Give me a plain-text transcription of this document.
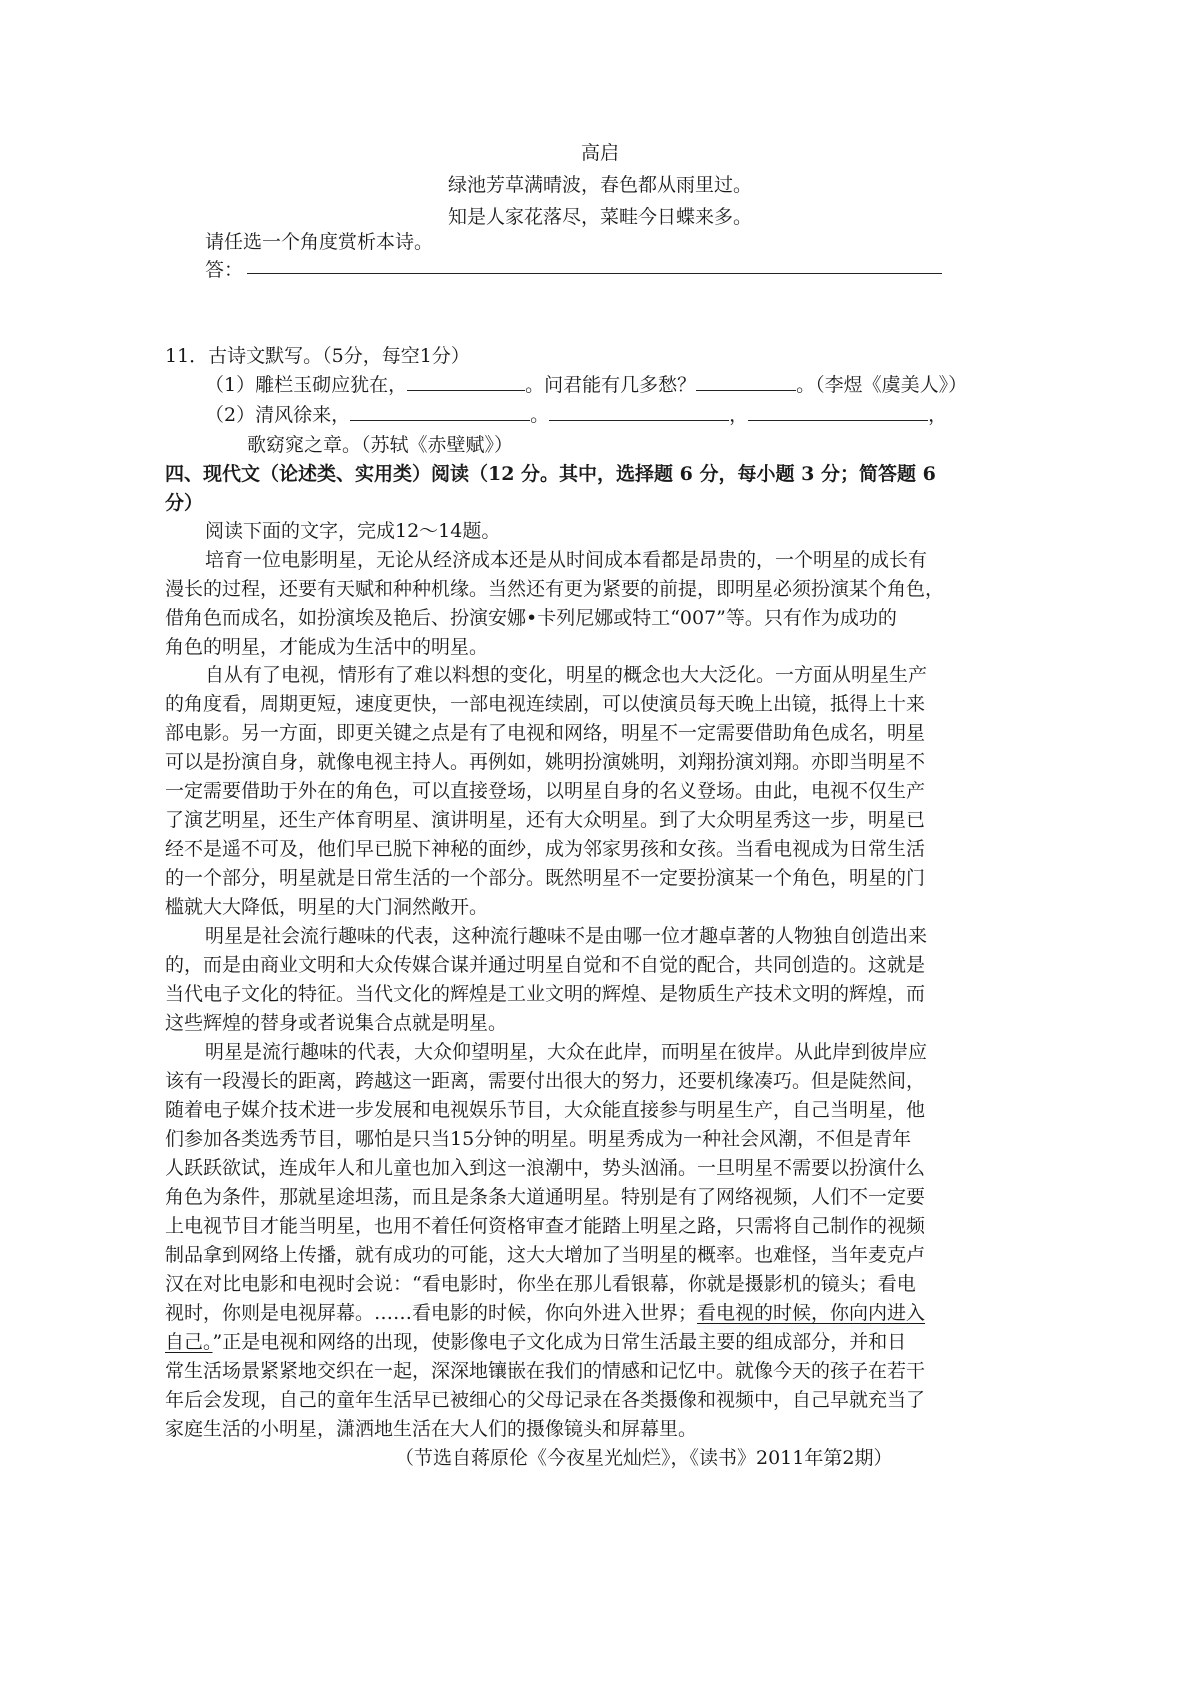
高启
绿池芳草满晴波，春色都从雨里过。
知是人家花落尽，菜畦今日蝶来多。
请任选一个角度赏析本诗。
答：
11．古诗文默写。（5分，每空1分）
（1）雕栏玉砌应犹在，	。问君能有几多愁？	。（李煜《虞美人》）
（2）清风徐来，	。	，	，
歌窈窕之章。（苏轼《赤壁赋》）
四、现代文（论述类、实用类）阅读（12 分。其中，选择题 6 分，每小题 3 分；简答题 6
分）
阅读下面的文字，完成12～14题。
培育一位电影明星，无论从经济成本还是从时间成本看都是昂贵的，一个明星的成长有
漫长的过程，还要有天赋和种种机缘。当然还有更为紧要的前提，即明星必须扮演某个角色，
借角色而成名，如扮演埃及艳后、扮演安娜•卡列尼娜或特工“007”等。只有作为成功的
角色的明星，才能成为生活中的明星。
自从有了电视，情形有了难以料想的变化，明星的概念也大大泛化。一方面从明星生产
的角度看，周期更短，速度更快，一部电视连续剧，可以使演员每天晚上出镜，抵得上十来
部电影。另一方面，即更关键之点是有了电视和网络，明星不一定需要借助角色成名，明星
可以是扮演自身，就像电视主持人。再例如，姚明扮演姚明，刘翔扮演刘翔。亦即当明星不
一定需要借助于外在的角色，可以直接登场，以明星自身的名义登场。由此，电视不仅生产
了演艺明星，还生产体育明星、演讲明星，还有大众明星。到了大众明星秀这一步，明星已
经不是遥不可及，他们早已脱下神秘的面纱，成为邻家男孩和女孩。当看电视成为日常生活
的一个部分，明星就是日常生活的一个部分。既然明星不一定要扮演某一个角色，明星的门
槛就大大降低，明星的大门洞然敞开。
明星是社会流行趣味的代表，这种流行趣味不是由哪一位才趣卓著的人物独自创造出来
的，而是由商业文明和大众传媒合谋并通过明星自觉和不自觉的配合，共同创造的。这就是
当代电子文化的特征。当代文化的辉煌是工业文明的辉煌、是物质生产技术文明的辉煌，而
这些辉煌的替身或者说集合点就是明星。
明星是流行趣味的代表，大众仰望明星，大众在此岸，而明星在彼岸。从此岸到彼岸应
该有一段漫长的距离，跨越这一距离，需要付出很大的努力，还要机缘凑巧。但是陡然间，
随着电子媒介技术进一步发展和电视娱乐节目，大众能直接参与明星生产，自己当明星，他
们参加各类选秀节目，哪怕是只当15分钟的明星。明星秀成为一种社会风潮，不但是青年
人跃跃欲试，连成年人和儿童也加入到这一浪潮中，势头汹涌。一旦明星不需要以扮演什么
角色为条件，那就星途坦荡，而且是条条大道通明星。特别是有了网络视频，人们不一定要
上电视节目才能当明星，也用不着任何资格审查才能踏上明星之路，只需将自己制作的视频
制品拿到网络上传播，就有成功的可能，这大大增加了当明星的概率。也难怪，当年麦克卢
汉在对比电影和电视时会说：“看电影时，你坐在那儿看银幕，你就是摄影机的镜头；看电
视时，你则是电视屏幕。……看电影的时候，你向外进入世界；看电视的时候，你向内进入
自己。”正是电视和网络的出现，使影像电子文化成为日常生活最主要的组成部分，并和日
常生活场景紧紧地交织在一起，深深地镶嵌在我们的情感和记忆中。就像今天的孩子在若干
年后会发现，自己的童年生活早已被细心的父母记录在各类摄像和视频中，自己早就充当了
家庭生活的小明星，潇洒地生活在大人们的摄像镜头和屏幕里。
（节选自蒋原伦《今夜星光灿烂》，《读书》2011年第2期）
